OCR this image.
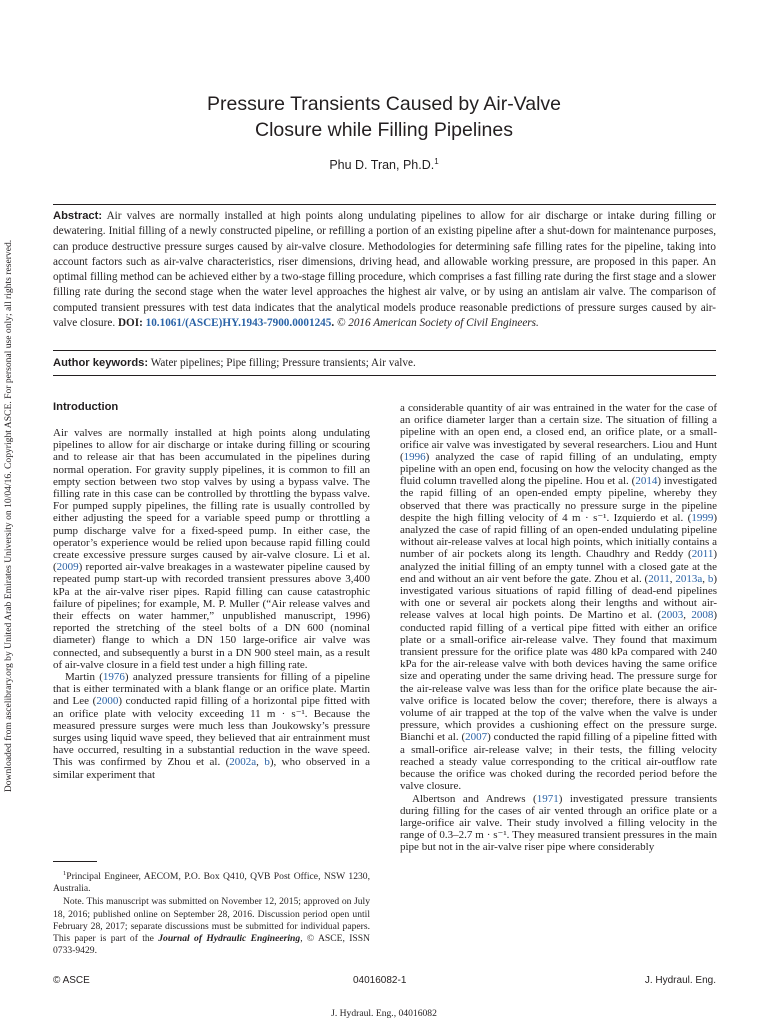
Downloaded from ascelibrary.org by United Arab Emirates University on 10/04/16. Copyright ASCE. For personal use only; all rights reserved.
Pressure Transients Caused by Air-Valve
Closure while Filling Pipelines
Phu D. Tran, Ph.D.$^1$
Abstract: Air valves are normally installed at high points along undulating pipelines to allow for air discharge or intake during filling or dewatering. Initial filling of a newly constructed pipeline, or refilling a portion of an existing pipeline after a shut-down for maintenance purposes, can produce destructive pressure surges caused by air-valve closure. Methodologies for determining safe filling rates for the pipeline, taking into account factors such as air-valve characteristics, riser dimensions, driving head, and allowable working pressure, are proposed in this paper. An optimal filling method can be achieved either by a two-stage filling procedure, which comprises a fast filling rate during the first stage and a slower filling rate during the second stage when the water level approaches the highest air valve, or by using an antislam air valve. The comparison of computed transient pressures with test data indicates that the analytical models produce reasonable predictions of pressure surges caused by air-valve closure. DOI: 10.1061/(ASCE)HY.1943-7900.0001245. © 2016 American Society of Civil Engineers.
Author keywords: Water pipelines; Pipe filling; Pressure transients; Air valve.
Introduction

Air valves are normally installed at high points along undulating pipelines to allow for air discharge or intake during filling or scouring and to release air that has been accumulated in the pipelines during normal operation. For gravity supply pipelines, it is common to fill an empty section between two stop valves by using a bypass valve. The filling rate in this case can be controlled by throttling the bypass valve. For pumped supply pipelines, the filling rate is usually controlled by either adjusting the speed for a variable speed pump or throttling a pump discharge valve for a fixed-speed pump. In either case, the operator’s experience would be relied upon because rapid filling could create excessive pressure surges caused by air-valve closure. Li et al. (2009) reported air-valve breakages in a wastewater pipeline caused by repeated pump start-up with recorded transient pressures above 3,400 kPa at the air-valve riser pipes. Rapid filling can cause catastrophic failure of pipelines; for example, M. P. Muller (“Air release valves and their effects on water hammer,” unpublished manuscript, 1996) reported the stretching of the steel bolts of a DN 600 (nominal diameter) flange to which a DN 150 large-orifice air valve was connected, and subsequently a burst in a DN 900 steel main, as a result of air-valve closure in a field test under a high filling rate.

Martin (1976) analyzed pressure transients for filling of a pipeline that is either terminated with a blank flange or an orifice plate. Martin and Lee (2000) conducted rapid filling of a horizontal pipe fitted with an orifice plate with velocity exceeding 11 m · s⁻¹. Because the measured pressure surges were much less than Joukowsky’s pressure surges using liquid wave speed, they believed that air entrainment must have occurred, resulting in a substantial reduction in the wave speed. This was confirmed by Zhou et al. (2002a, b), who observed in a similar experiment that

$^1$Principal Engineer, AECOM, P.O. Box Q410, QVB Post Office, NSW 1230, Australia.

Note. This manuscript was submitted on November 12, 2015; approved on July 18, 2016; published online on September 28, 2016. Discussion period open until February 28, 2017; separate discussions must be submitted for individual papers. This paper is part of the Journal of Hydraulic Engineering, © ASCE, ISSN 0733-9429.

a considerable quantity of air was entrained in the water for the case of an orifice diameter larger than a certain size. The situation of filling a pipeline with an open end, a closed end, an orifice plate, or a small-orifice air valve was investigated by several researchers. Liou and Hunt (1996) analyzed the case of rapid filling of an undulating, empty pipeline with an open end, focusing on how the velocity changed as the fluid column travelled along the pipeline. Hou et al. (2014) investigated the rapid filling of an open-ended empty pipeline, whereby they observed that there was practically no pressure surge in the pipeline despite the high filling velocity of 4 m · s⁻¹. Izquierdo et al. (1999) analyzed the case of rapid filling of an open-ended undulating pipeline without air-release valves at local high points, which initially contains a number of air pockets along its length. Chaudhry and Reddy (2011) analyzed the initial filling of an empty tunnel with a closed gate at the end and without an air vent before the gate. Zhou et al. (2011, 2013a, b) investigated various situations of rapid filling of dead-end pipelines with one or several air pockets along their lengths and without air-release valves at local high points. De Martino et al. (2003, 2008) conducted rapid filling of a vertical pipe fitted with either an orifice plate or a small-orifice air-release valve. They found that maximum transient pressure for the orifice plate was 480 kPa compared with 240 kPa for the air-release valve with both devices having the same orifice size and operating under the same driving head. The pressure surge for the air-release valve was less than for the orifice plate because the air-valve orifice is located below the cover; therefore, there is always a volume of air trapped at the top of the valve when the valve is under pressure, which provides a cushioning effect on the pressure surge. Bianchi et al. (2007) conducted the rapid filling of a pipeline fitted with a small-orifice air-release valve; in their tests, the filling velocity reached a steady value corresponding to the critical air-outflow rate because the orifice was choked during the recorded period before the valve closure.

Albertson and Andrews (1971) investigated pressure transients during filling for the cases of air vented through an orifice plate or a large-orifice air valve. Their study involved a filling velocity in the range of 0.3–2.7 m · s⁻¹. They measured transient pressures in the main pipe but not in the air-valve riser pipe where considerably

© ASCE	04016082-1	J. Hydraul. Eng.
J. Hydraul. Eng., 04016082
